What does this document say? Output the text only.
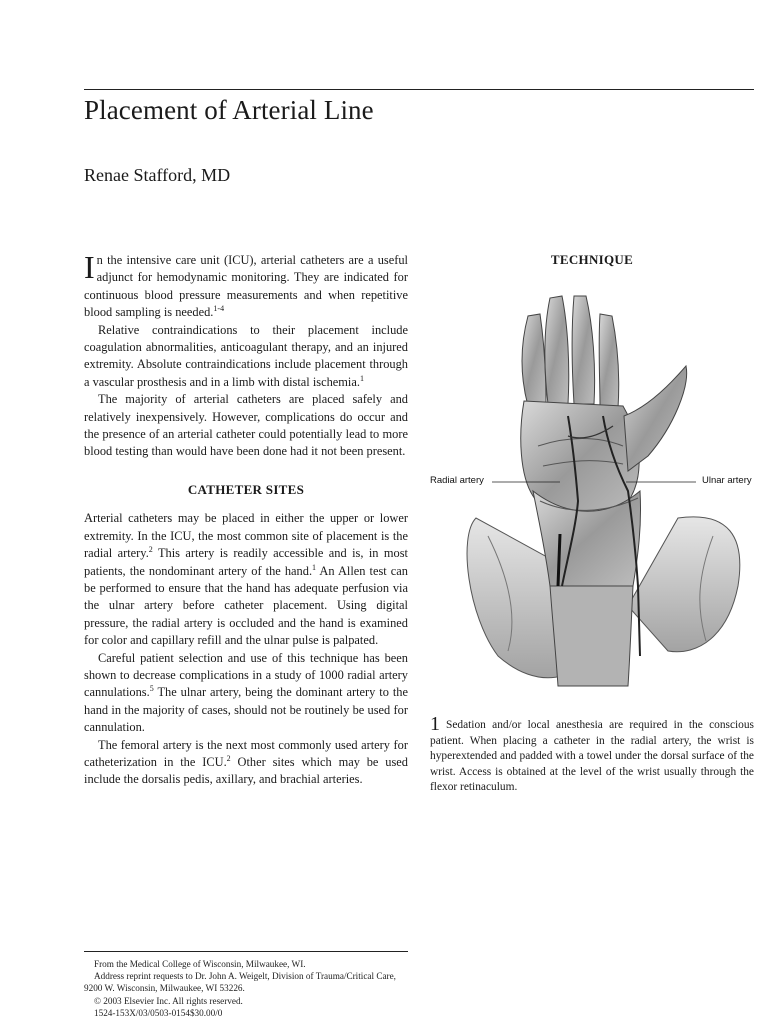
Placement of Arterial Line
Renae Stafford, MD

In the intensive care unit (ICU), arterial catheters are a useful adjunct for hemodynamic monitoring. They are indicated for continuous blood pressure measurements and when repetitive blood sampling is needed.$^{1-4}$

Relative contraindications to their placement include coagulation abnormalities, anticoagulant therapy, and an injured extremity. Absolute contraindications include placement through a vascular prosthesis and in a limb with distal ischemia.$^1$

The majority of arterial catheters are placed safely and relatively inexpensively. However, complications do occur and the presence of an arterial catheter could potentially lead to more blood testing than would have been done had it not been present.

CATHETER SITES

Arterial catheters may be placed in either the upper or lower extremity. In the ICU, the most common site of placement is the radial artery.$^2$ This artery is readily accessible and is, in most patients, the nondominant artery of the hand.$^1$ An Allen test can be performed to ensure that the hand has adequate perfusion via the ulnar artery before catheter placement. Using digital pressure, the radial artery is occluded and the hand is examined for color and capillary refill and the ulnar pulse is palpated.

Careful patient selection and use of this technique has been shown to decrease complications in a study of 1000 radial artery cannulations.$^5$ The ulnar artery, being the dominant artery to the hand in the majority of cases, should not be routinely be used for cannulation.

The femoral artery is the next most commonly used artery for catheterization in the ICU.$^2$ Other sites which may be used include the dorsalis pedis, axillary, and brachial arteries.

TECHNIQUE
Radial artery	Ulnar artery
1 Sedation and/or local anesthesia are required in the conscious patient. When placing a catheter in the radial artery, the wrist is hyperextended and padded with a towel under the dorsal surface of the wrist. Access is obtained at the level of the wrist usually through the flexor retinaculum.
From the Medical College of Wisconsin, Milwaukee, WI.
Address reprint requests to Dr. John A. Weigelt, Division of Trauma/Critical Care, 9200 W. Wisconsin, Milwaukee, WI 53226.
© 2003 Elsevier Inc. All rights reserved.
1524-153X/03/0503-0154$30.00/0
